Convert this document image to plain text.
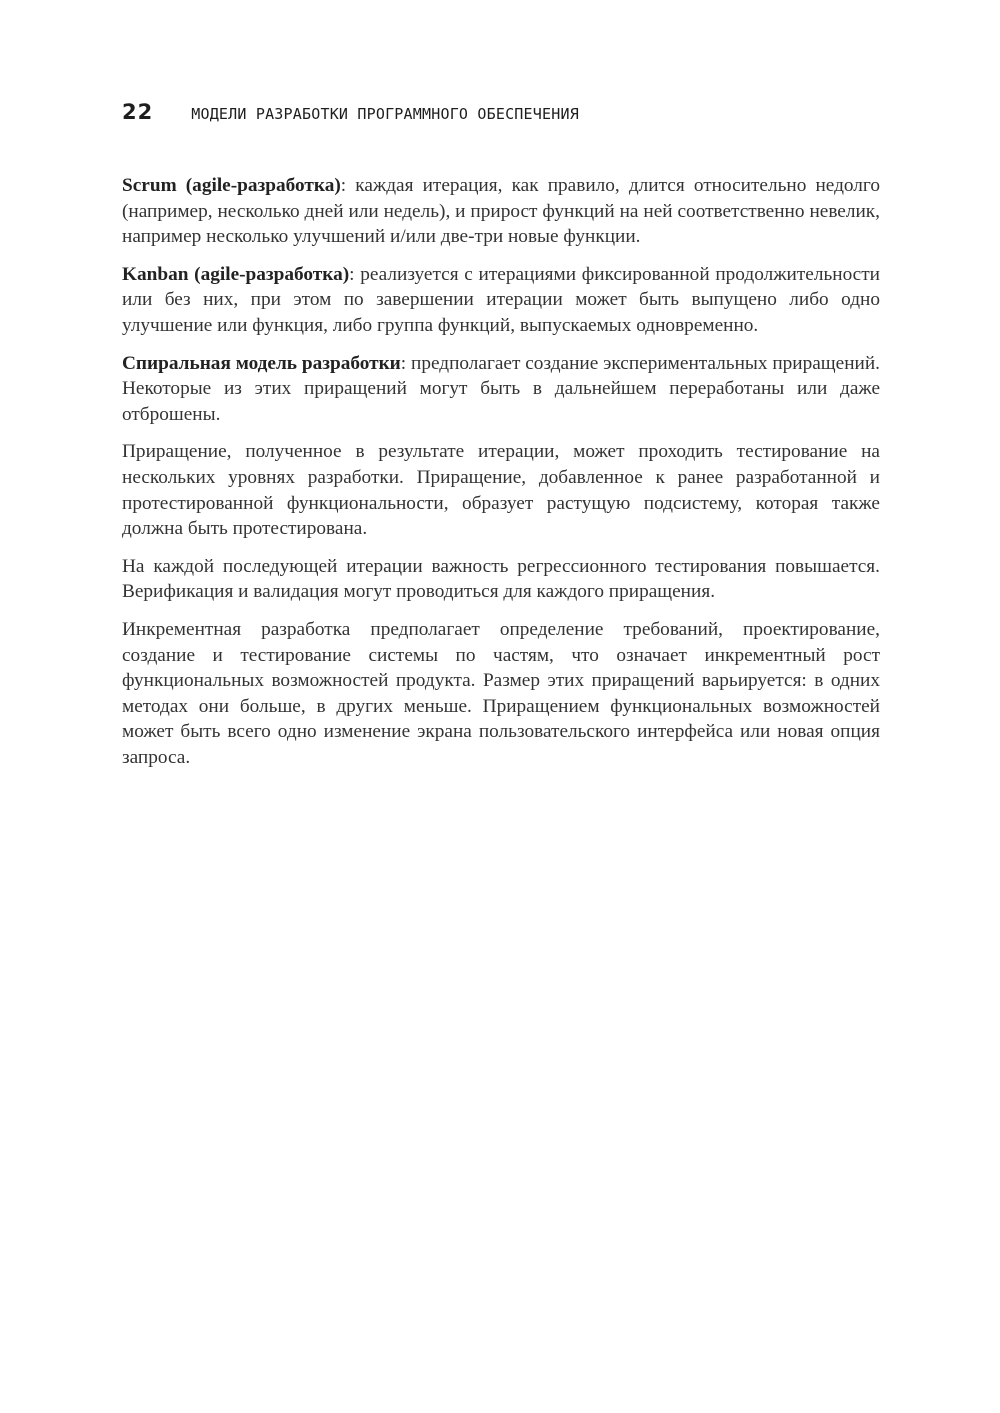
22	МОДЕЛИ РАЗРАБОТКИ ПРОГРАММНОГО ОБЕСПЕЧЕНИЯ

Scrum (agile-разработка): каждая итерация, как правило, длится относительно недолго (например, несколько дней или недель), и прирост функций на ней соответственно невелик, например несколько улучшений и/или две-три новые функции.

Kanban (agile-разработка): реализуется с итерациями фиксированной продолжительности или без них, при этом по завершении итерации может быть выпущено либо одно улучшение или функция, либо группа функций, выпускаемых одновременно.

Спиральная модель разработки: предполагает создание экспериментальных приращений. Некоторые из этих приращений могут быть в дальнейшем переработаны или даже отброшены.

Приращение, полученное в результате итерации, может проходить тестирование на нескольких уровнях разработки. Приращение, добавленное к ранее разработанной и протестированной функциональности, образует растущую подсистему, которая также должна быть протестирована.

На каждой последующей итерации важность регрессионного тестирования повышается. Верификация и валидация могут проводиться для каждого приращения.

Инкрементная разработка предполагает определение требований, проектирование, создание и тестирование системы по частям, что означает инкрементный рост функциональных возможностей продукта. Размер этих приращений варьируется: в одних методах они больше, в других меньше. Приращением функциональных возможностей может быть всего одно изменение экрана пользовательского интерфейса или новая опция запроса.
